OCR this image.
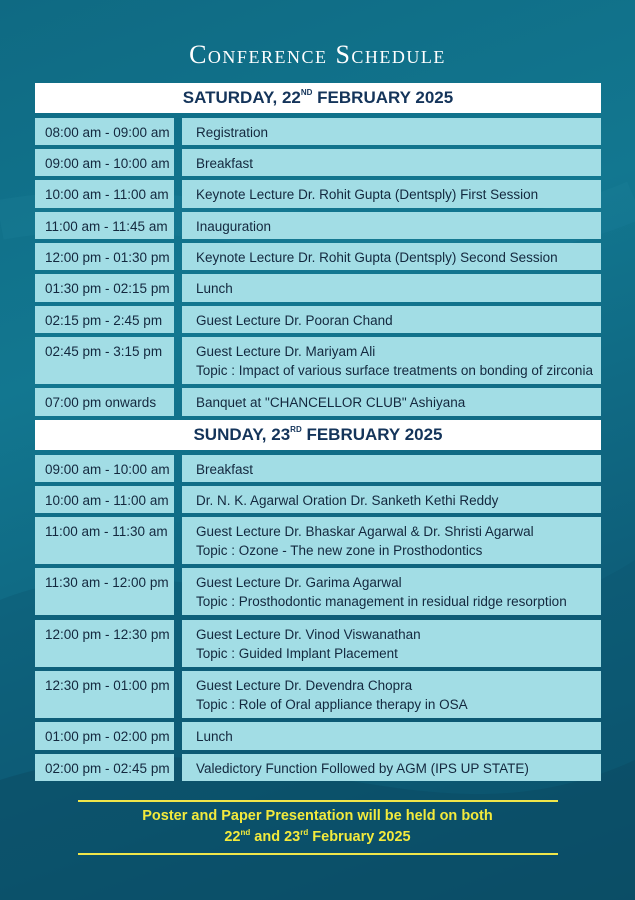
Conference Schedule
SATURDAY, 22ND FEBRUARY 2025
08:00 am - 09:00 am	Registration
09:00 am - 10:00 am	Breakfast
10:00 am - 11:00 am	Keynote Lecture Dr. Rohit Gupta (Dentsply) First Session
11:00 am - 11:45 am	Inauguration
12:00 pm - 01:30 pm	Keynote Lecture Dr. Rohit Gupta (Dentsply) Second Session
01:30 pm - 02:15 pm	Lunch
02:15 pm - 2:45 pm	Guest Lecture Dr. Pooran Chand
02:45 pm - 3:15 pm	Guest Lecture Dr. Mariyam Ali
Topic : Impact of various surface treatments on bonding of zirconia
07:00 pm onwards	Banquet at "CHANCELLOR CLUB" Ashiyana
SUNDAY, 23RD FEBRUARY 2025
09:00 am - 10:00 am	Breakfast
10:00 am - 11:00 am	Dr. N. K. Agarwal Oration Dr. Sanketh Kethi Reddy
11:00 am - 11:30 am	Guest Lecture Dr. Bhaskar Agarwal & Dr. Shristi Agarwal
Topic : Ozone - The new zone in Prosthodontics
11:30 am - 12:00 pm	Guest Lecture Dr. Garima Agarwal
Topic : Prosthodontic management in residual ridge resorption
12:00 pm - 12:30 pm	Guest Lecture Dr. Vinod Viswanathan
Topic : Guided Implant Placement
12:30 pm - 01:00 pm	Guest Lecture Dr. Devendra Chopra
Topic : Role of Oral appliance therapy in OSA
01:00 pm - 02:00 pm	Lunch
02:00 pm - 02:45 pm	Valedictory Function Followed by AGM (IPS UP STATE)
Poster and Paper Presentation will be held on both
22nd and 23rd February 2025
